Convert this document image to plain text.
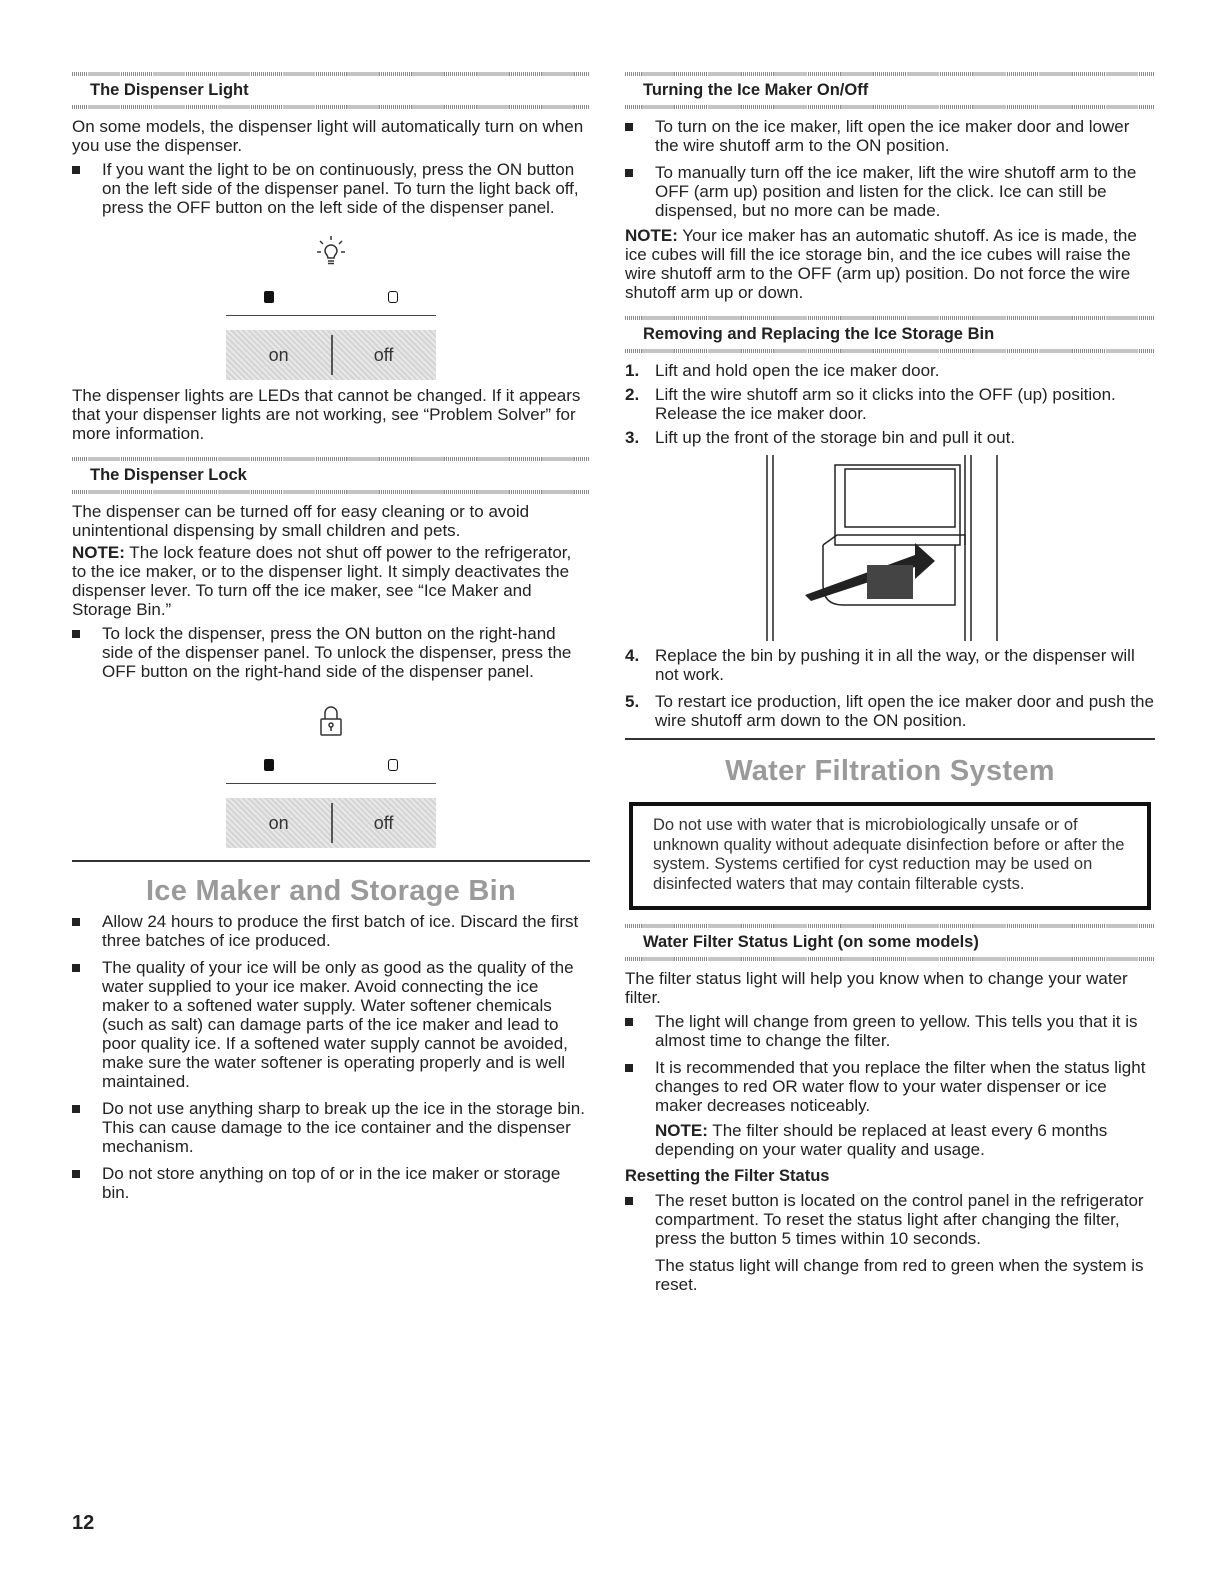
The Dispenser Light

On some models, the dispenser light will automatically turn on when you use the dispenser.

If you want the light to be on continuously, press the ON button on the left side of the dispenser panel. To turn the light back off, press the OFF button on the left side of the dispenser panel.
on	off

The dispenser lights are LEDs that cannot be changed. If it appears that your dispenser lights are not working, see “Problem Solver” for more information.

The Dispenser Lock

The dispenser can be turned off for easy cleaning or to avoid unintentional dispensing by small children and pets.

NOTE: The lock feature does not shut off power to the refrigerator, to the ice maker, or to the dispenser light. It simply deactivates the dispenser lever. To turn off the ice maker, see “Ice Maker and Storage Bin.”

To lock the dispenser, press the ON button on the right-hand side of the dispenser panel. To unlock the dispenser, press the OFF button on the right-hand side of the dispenser panel.
on	off
Ice Maker and Storage Bin
Allow 24 hours to produce the first batch of ice. Discard the first three batches of ice produced.
The quality of your ice will be only as good as the quality of the water supplied to your ice maker. Avoid connecting the ice maker to a softened water supply. Water softener chemicals (such as salt) can damage parts of the ice maker and lead to poor quality ice. If a softened water supply cannot be avoided, make sure the water softener is operating properly and is well maintained.
Do not use anything sharp to break up the ice in the storage bin. This can cause damage to the ice container and the dispenser mechanism.
Do not store anything on top of or in the ice maker or storage bin.
Turning the Ice Maker On/Off
To turn on the ice maker, lift open the ice maker door and lower the wire shutoff arm to the ON position.
To manually turn off the ice maker, lift the wire shutoff arm to the OFF (arm up) position and listen for the click. Ice can still be dispensed, but no more can be made.

NOTE: Your ice maker has an automatic shutoff. As ice is made, the ice cubes will fill the ice storage bin, and the ice cubes will raise the wire shutoff arm to the OFF (arm up) position. Do not force the wire shutoff arm up or down.

Removing and Replacing the Ice Storage Bin
1. Lift and hold open the ice maker door.
2. Lift the wire shutoff arm so it clicks into the OFF (up) position. Release the ice maker door.
3. Lift up the front of the storage bin and pull it out.
4. Replace the bin by pushing it in all the way, or the dispenser will not work.
5. To restart ice production, lift open the ice maker door and push the wire shutoff arm down to the ON position.
Water Filtration System

Do not use with water that is microbiologically unsafe or of unknown quality without adequate disinfection before or after the system. Systems certified for cyst reduction may be used on disinfected waters that may contain filterable cysts.

Water Filter Status Light (on some models)

The filter status light will help you know when to change your water filter.

The light will change from green to yellow. This tells you that it is almost time to change the filter.
It is recommended that you replace the filter when the status light changes to red OR water flow to your water dispenser or ice maker decreases noticeably.

NOTE: The filter should be replaced at least every 6 months depending on your water quality and usage.

Resetting the Filter Status
The reset button is located on the control panel in the refrigerator compartment. To reset the status light after changing the filter, press the button 5 times within 10 seconds.

The status light will change from red to green when the system is reset.

12
